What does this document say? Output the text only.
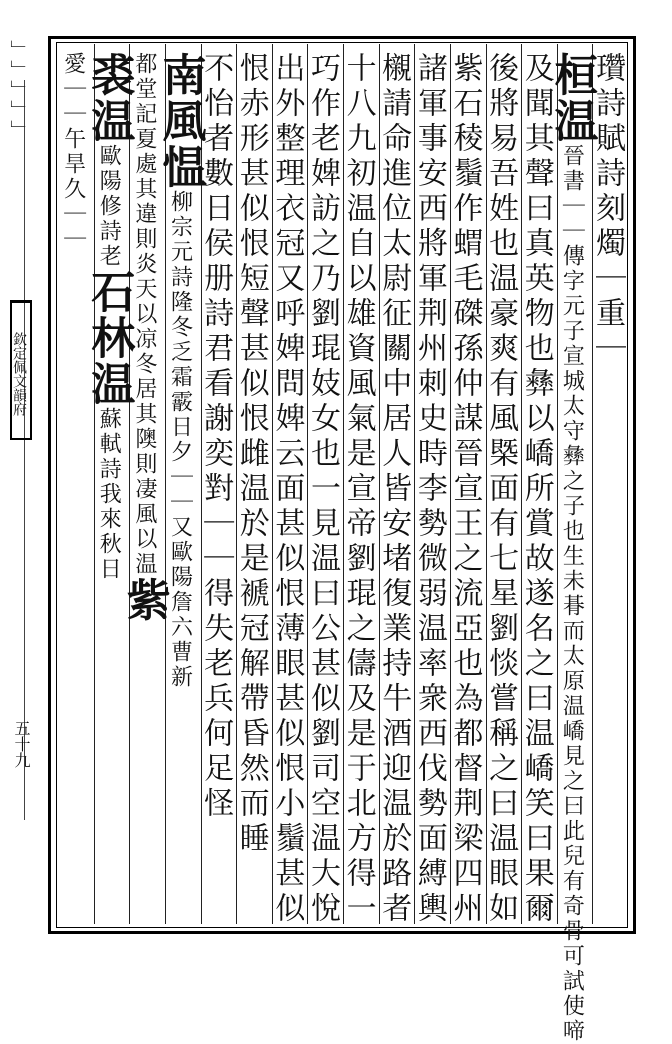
﹂﹂﹂﹂﹂
欽定佩文韻府
五十九
瓚詩賦詩刻燭｜重｜
桓温晉書｜｜傳字元子宣城太守彝之子也生未朞而太原温嶠見之曰此兒有奇骨可試使啼
及聞其聲曰真英物也彝以嶠所賞故遂名之曰温嶠笑曰果爾
後將易吾姓也温豪爽有風槩面有七星劉惔嘗稱之曰温眼如
紫石稜鬚作蝟毛磔孫仲謀晉宣王之流亞也為都督荆梁四州
諸軍事安西將軍荆州刺史時李勢微弱温率衆西伐勢面縛輿
櫬請命進位太尉征關中居人皆安堵復業持牛酒迎温於路者
十八九初温自以雄資風氣是宣帝劉琨之儔及是于北方得一
巧作老婢訪之乃劉琨妓女也一見温曰公甚似劉司空温大悅
出外整理衣冠又呼婢問婢云面甚似恨薄眼甚似恨小鬚甚似
恨赤形甚似恨短聲甚似恨雌温於是褫冠解帶昏然而睡
不怡者數日侯册詩君看謝奕對｜｜得失老兵何足怪
南風愠柳宗元詩隆冬乏霜霰日夕｜｜又歐陽詹六曹新
都堂記夏處其違則炎天以凉冬居其隩則凄風以温紫
裘温歐陽修詩老石林温蘇軾詩我來秋日
愛｜｜午旱久｜｜
